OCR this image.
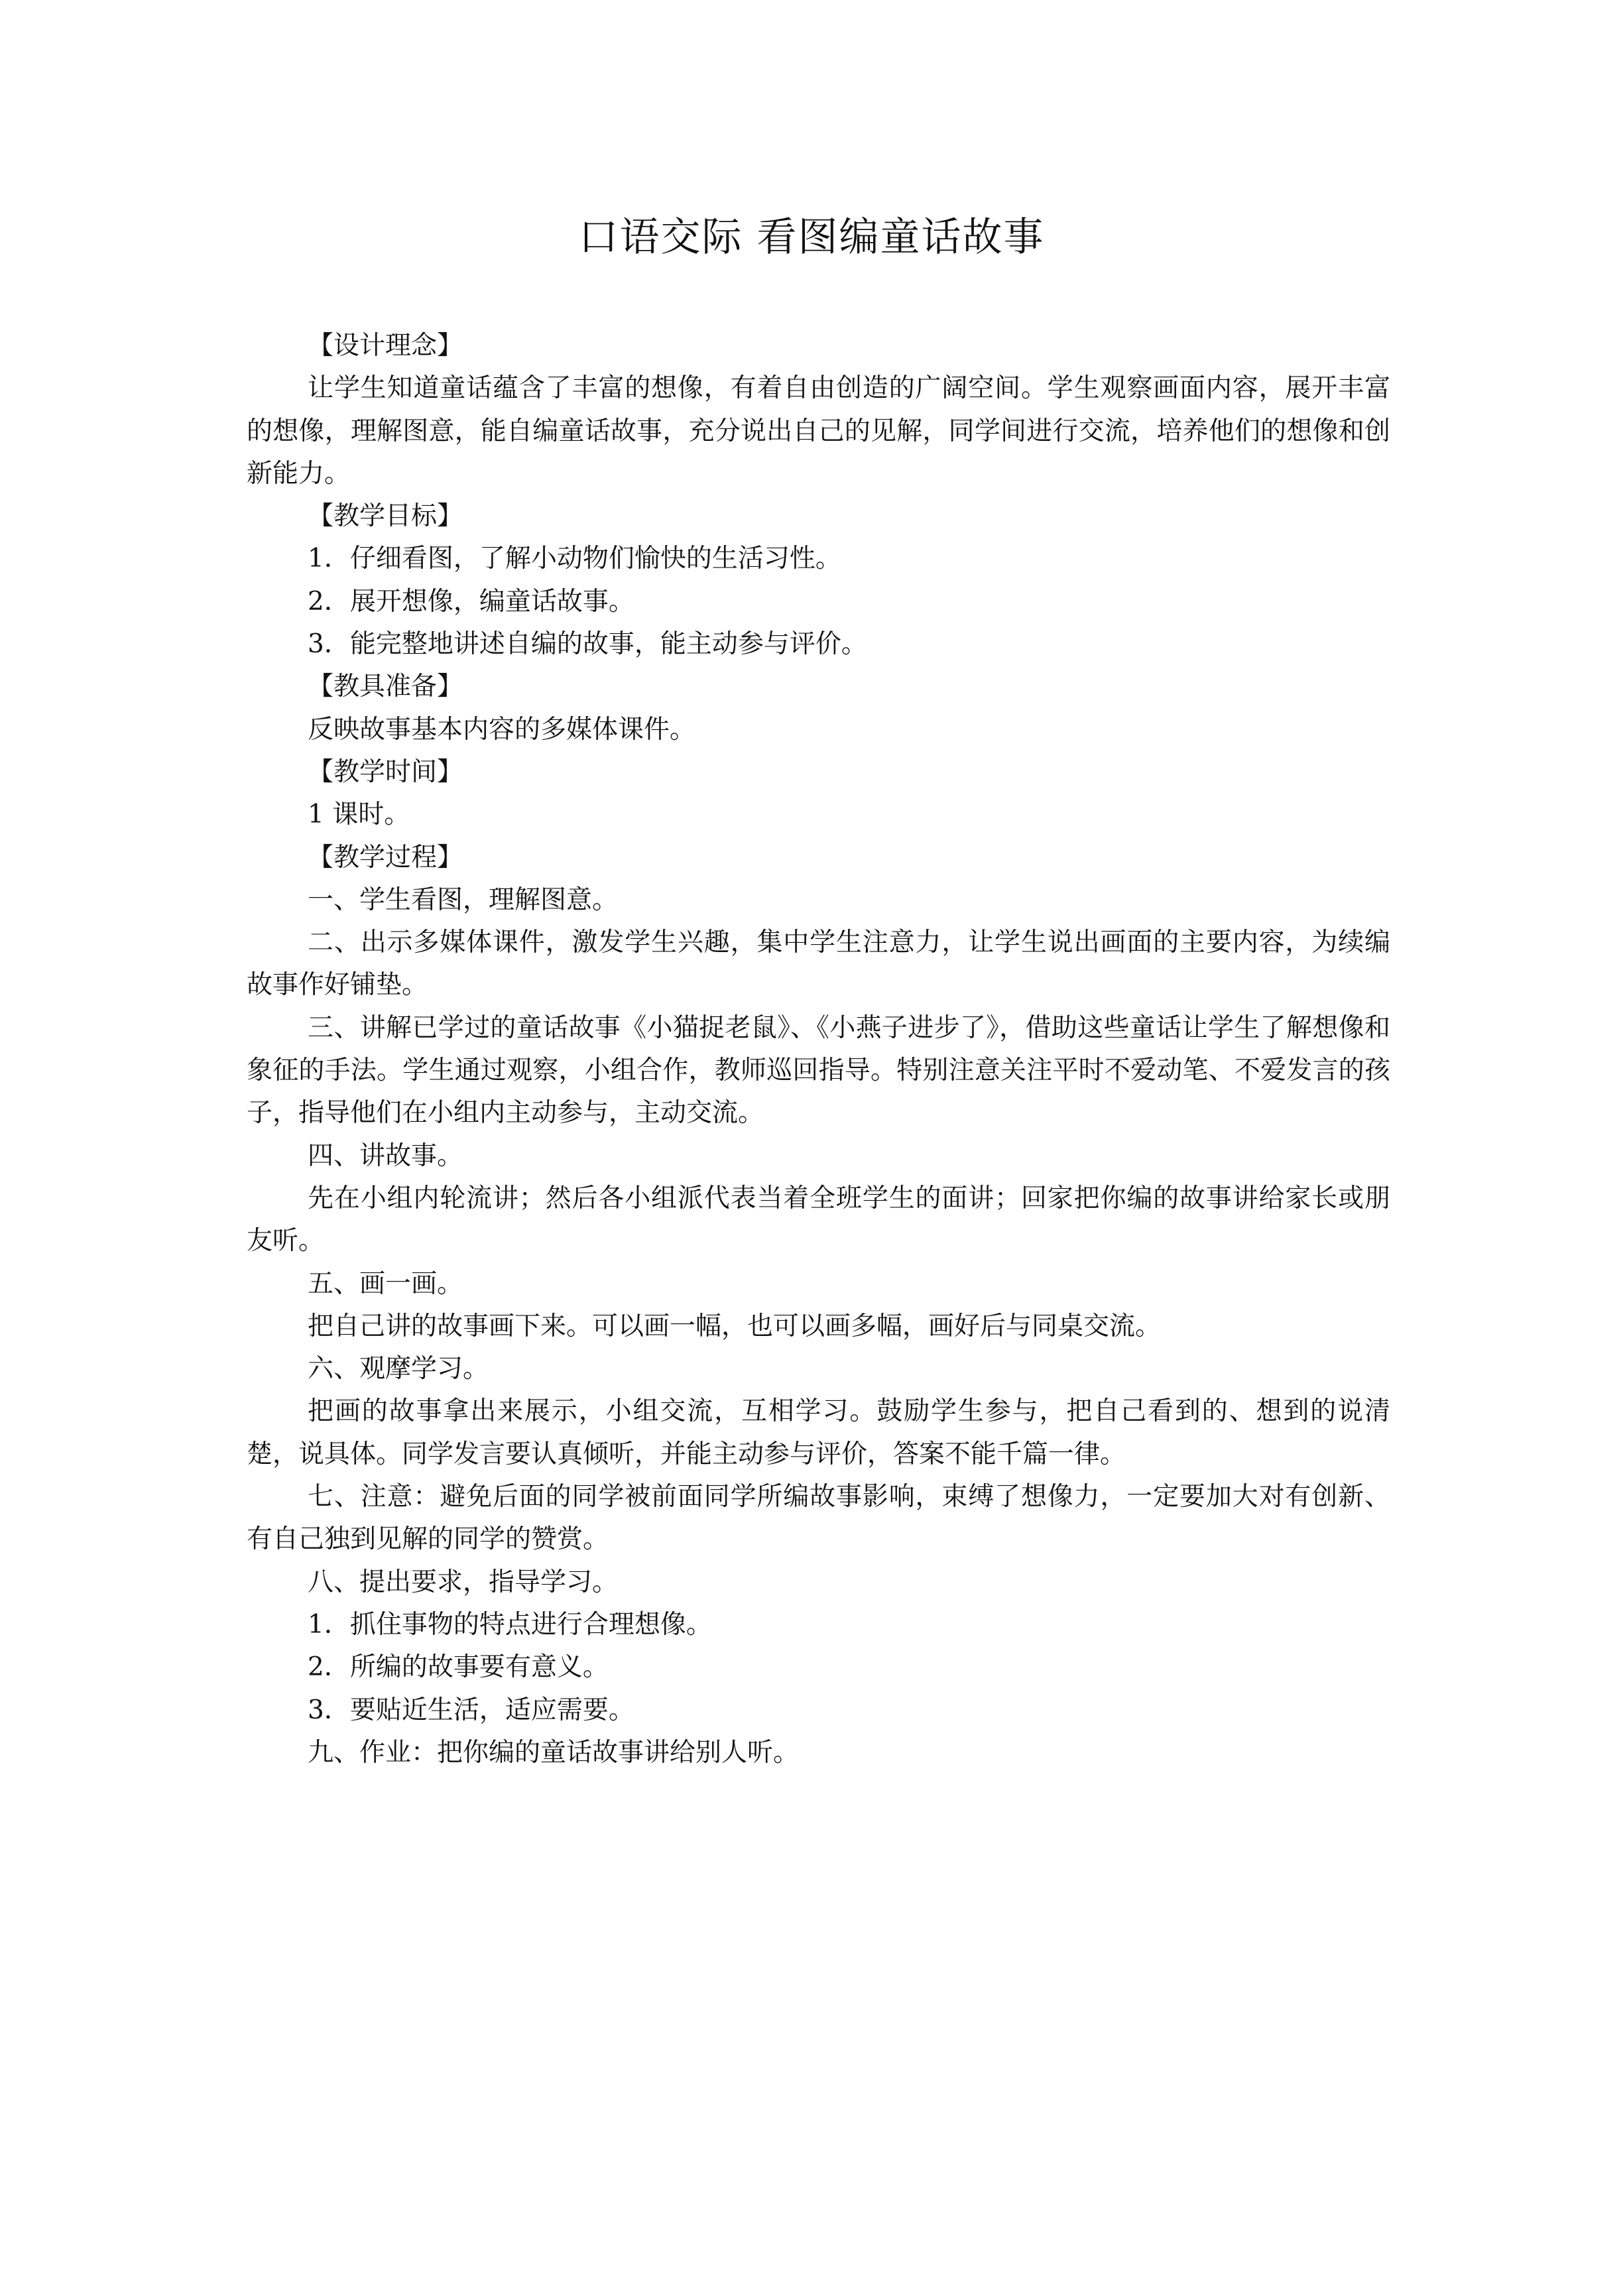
口语交际 看图编童话故事

【设计理念】

让学生知道童话蕴含了丰富的想像，有着自由创造的广阔空间。学生观察画面内容，展开丰富的想像，理解图意，能自编童话故事，充分说出自己的见解，同学间进行交流，培养他们的想像和创新能力。

【教学目标】

1．仔细看图，了解小动物们愉快的生活习性。

2．展开想像，编童话故事。

3．能完整地讲述自编的故事，能主动参与评价。

【教具准备】

反映故事基本内容的多媒体课件。

【教学时间】

1 课时。

【教学过程】

一、学生看图，理解图意。

二、出示多媒体课件，激发学生兴趣，集中学生注意力，让学生说出画面的主要内容，为续编故事作好铺垫。

三、讲解已学过的童话故事《小猫捉老鼠》、《小燕子进步了》，借助这些童话让学生了解想像和象征的手法。学生通过观察，小组合作，教师巡回指导。特别注意关注平时不爱动笔、不爱发言的孩子，指导他们在小组内主动参与，主动交流。

四、讲故事。

先在小组内轮流讲；然后各小组派代表当着全班学生的面讲；回家把你编的故事讲给家长或朋友听。

五、画一画。

把自己讲的故事画下来。可以画一幅，也可以画多幅，画好后与同桌交流。

六、观摩学习。

把画的故事拿出来展示，小组交流，互相学习。鼓励学生参与，把自己看到的、想到的说清楚，说具体。同学发言要认真倾听，并能主动参与评价，答案不能千篇一律。

七、注意：避免后面的同学被前面同学所编故事影响，束缚了想像力，一定要加大对有创新、有自己独到见解的同学的赞赏。

八、提出要求，指导学习。

1．抓住事物的特点进行合理想像。

2．所编的故事要有意义。

3．要贴近生活，适应需要。

九、作业：把你编的童话故事讲给别人听。
